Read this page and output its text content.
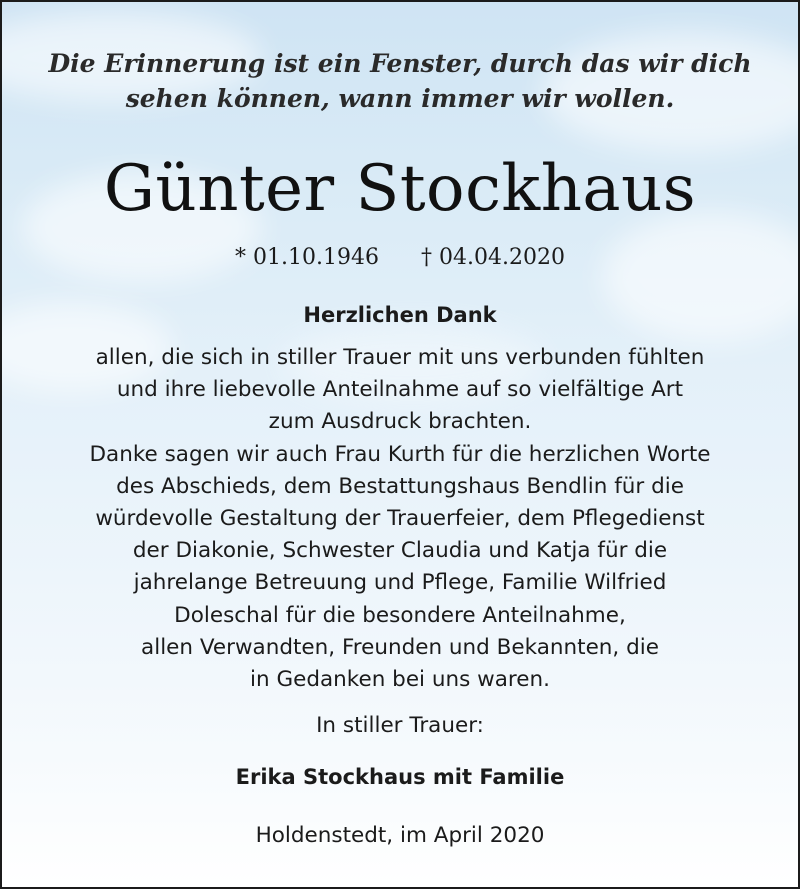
Die Erinnerung ist ein Fenster, durch das wir dich
sehen können, wann immer wir wollen.
Günter Stockhaus
* 01.10.1946 † 04.04.2020
Herzlichen Dank
allen, die sich in stiller Trauer mit uns verbunden fühlten
und ihre liebevolle Anteilnahme auf so vielfältige Art
zum Ausdruck brachten.
Danke sagen wir auch Frau Kurth für die herzlichen Worte
des Abschieds, dem Bestattungshaus Bendlin für die
würdevolle Gestaltung der Trauerfeier, dem Pflegedienst
der Diakonie, Schwester Claudia und Katja für die
jahrelange Betreuung und Pflege, Familie Wilfried
Doleschal für die besondere Anteilnahme,
allen Verwandten, Freunden und Bekannten, die
in Gedanken bei uns waren.
In stiller Trauer:
Erika Stockhaus mit Familie
Holdenstedt, im April 2020
